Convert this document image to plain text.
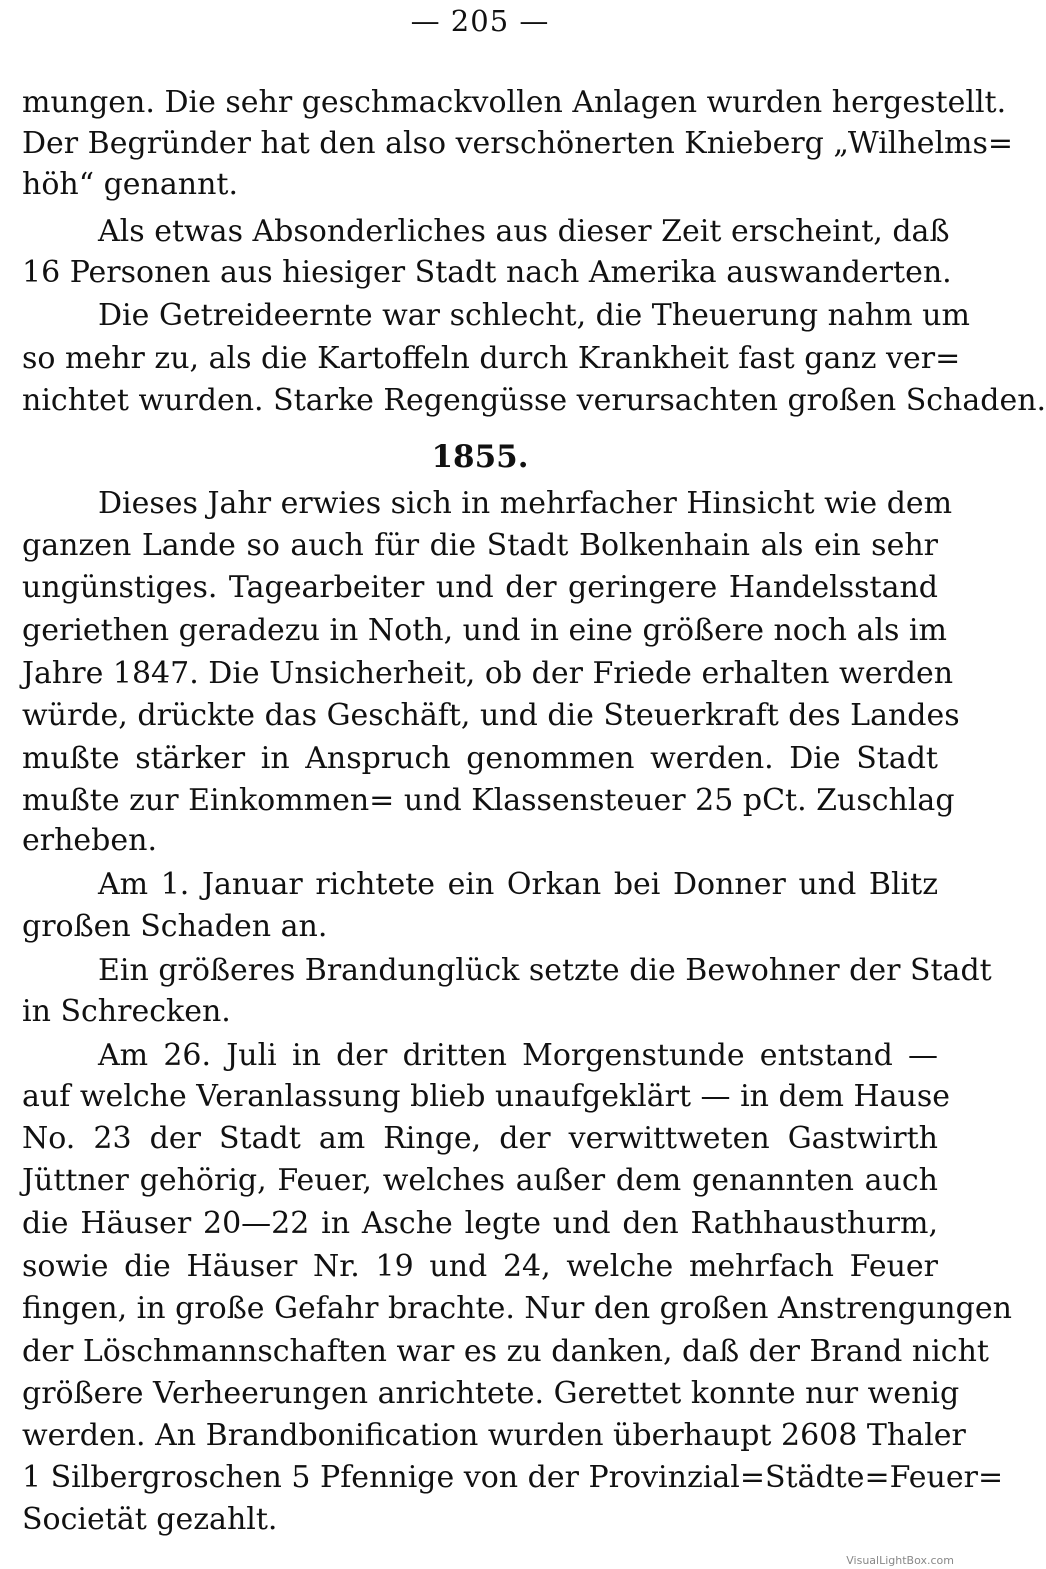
— 205 —
mungen. Die sehr geschmackvollen Anlagen wurden hergestellt.
Der Begründer hat den also verschönerten Knieberg „Wilhelms=
höh“ genannt.
Als etwas Absonderliches aus dieser Zeit erscheint, daß
16 Personen aus hiesiger Stadt nach Amerika auswanderten.
Die Getreideernte war schlecht, die Theuerung nahm um
so mehr zu, als die Kartoffeln durch Krankheit fast ganz ver=
nichtet wurden. Starke Regengüsse verursachten großen Schaden.
1855.
Dieses Jahr erwies sich in mehrfacher Hinsicht wie dem
ganzen Lande so auch für die Stadt Bolkenhain als ein sehr
ungünstiges. Tagearbeiter und der geringere Handelsstand
geriethen geradezu in Noth, und in eine größere noch als im
Jahre 1847. Die Unsicherheit, ob der Friede erhalten werden
würde, drückte das Geschäft, und die Steuerkraft des Landes
mußte stärker in Anspruch genommen werden. Die Stadt
mußte zur Einkommen= und Klassensteuer 25 pCt. Zuschlag
erheben.
Am 1. Januar richtete ein Orkan bei Donner und Blitz
großen Schaden an.
Ein größeres Brandunglück setzte die Bewohner der Stadt
in Schrecken.
Am 26. Juli in der dritten Morgenstunde entstand —
auf welche Veranlassung blieb unaufgeklärt — in dem Hause
No. 23 der Stadt am Ringe, der verwittweten Gastwirth
Jüttner gehörig, Feuer, welches außer dem genannten auch
die Häuser 20—22 in Asche legte und den Rathhausthurm,
sowie die Häuser Nr. 19 und 24, welche mehrfach Feuer
fingen, in große Gefahr brachte. Nur den großen Anstrengungen
der Löschmannschaften war es zu danken, daß der Brand nicht
größere Verheerungen anrichtete. Gerettet konnte nur wenig
werden. An Brandbonification wurden überhaupt 2608 Thaler
1 Silbergroschen 5 Pfennige von der Provinzial=Städte=Feuer=
Societät gezahlt.
VisualLightBox.com
